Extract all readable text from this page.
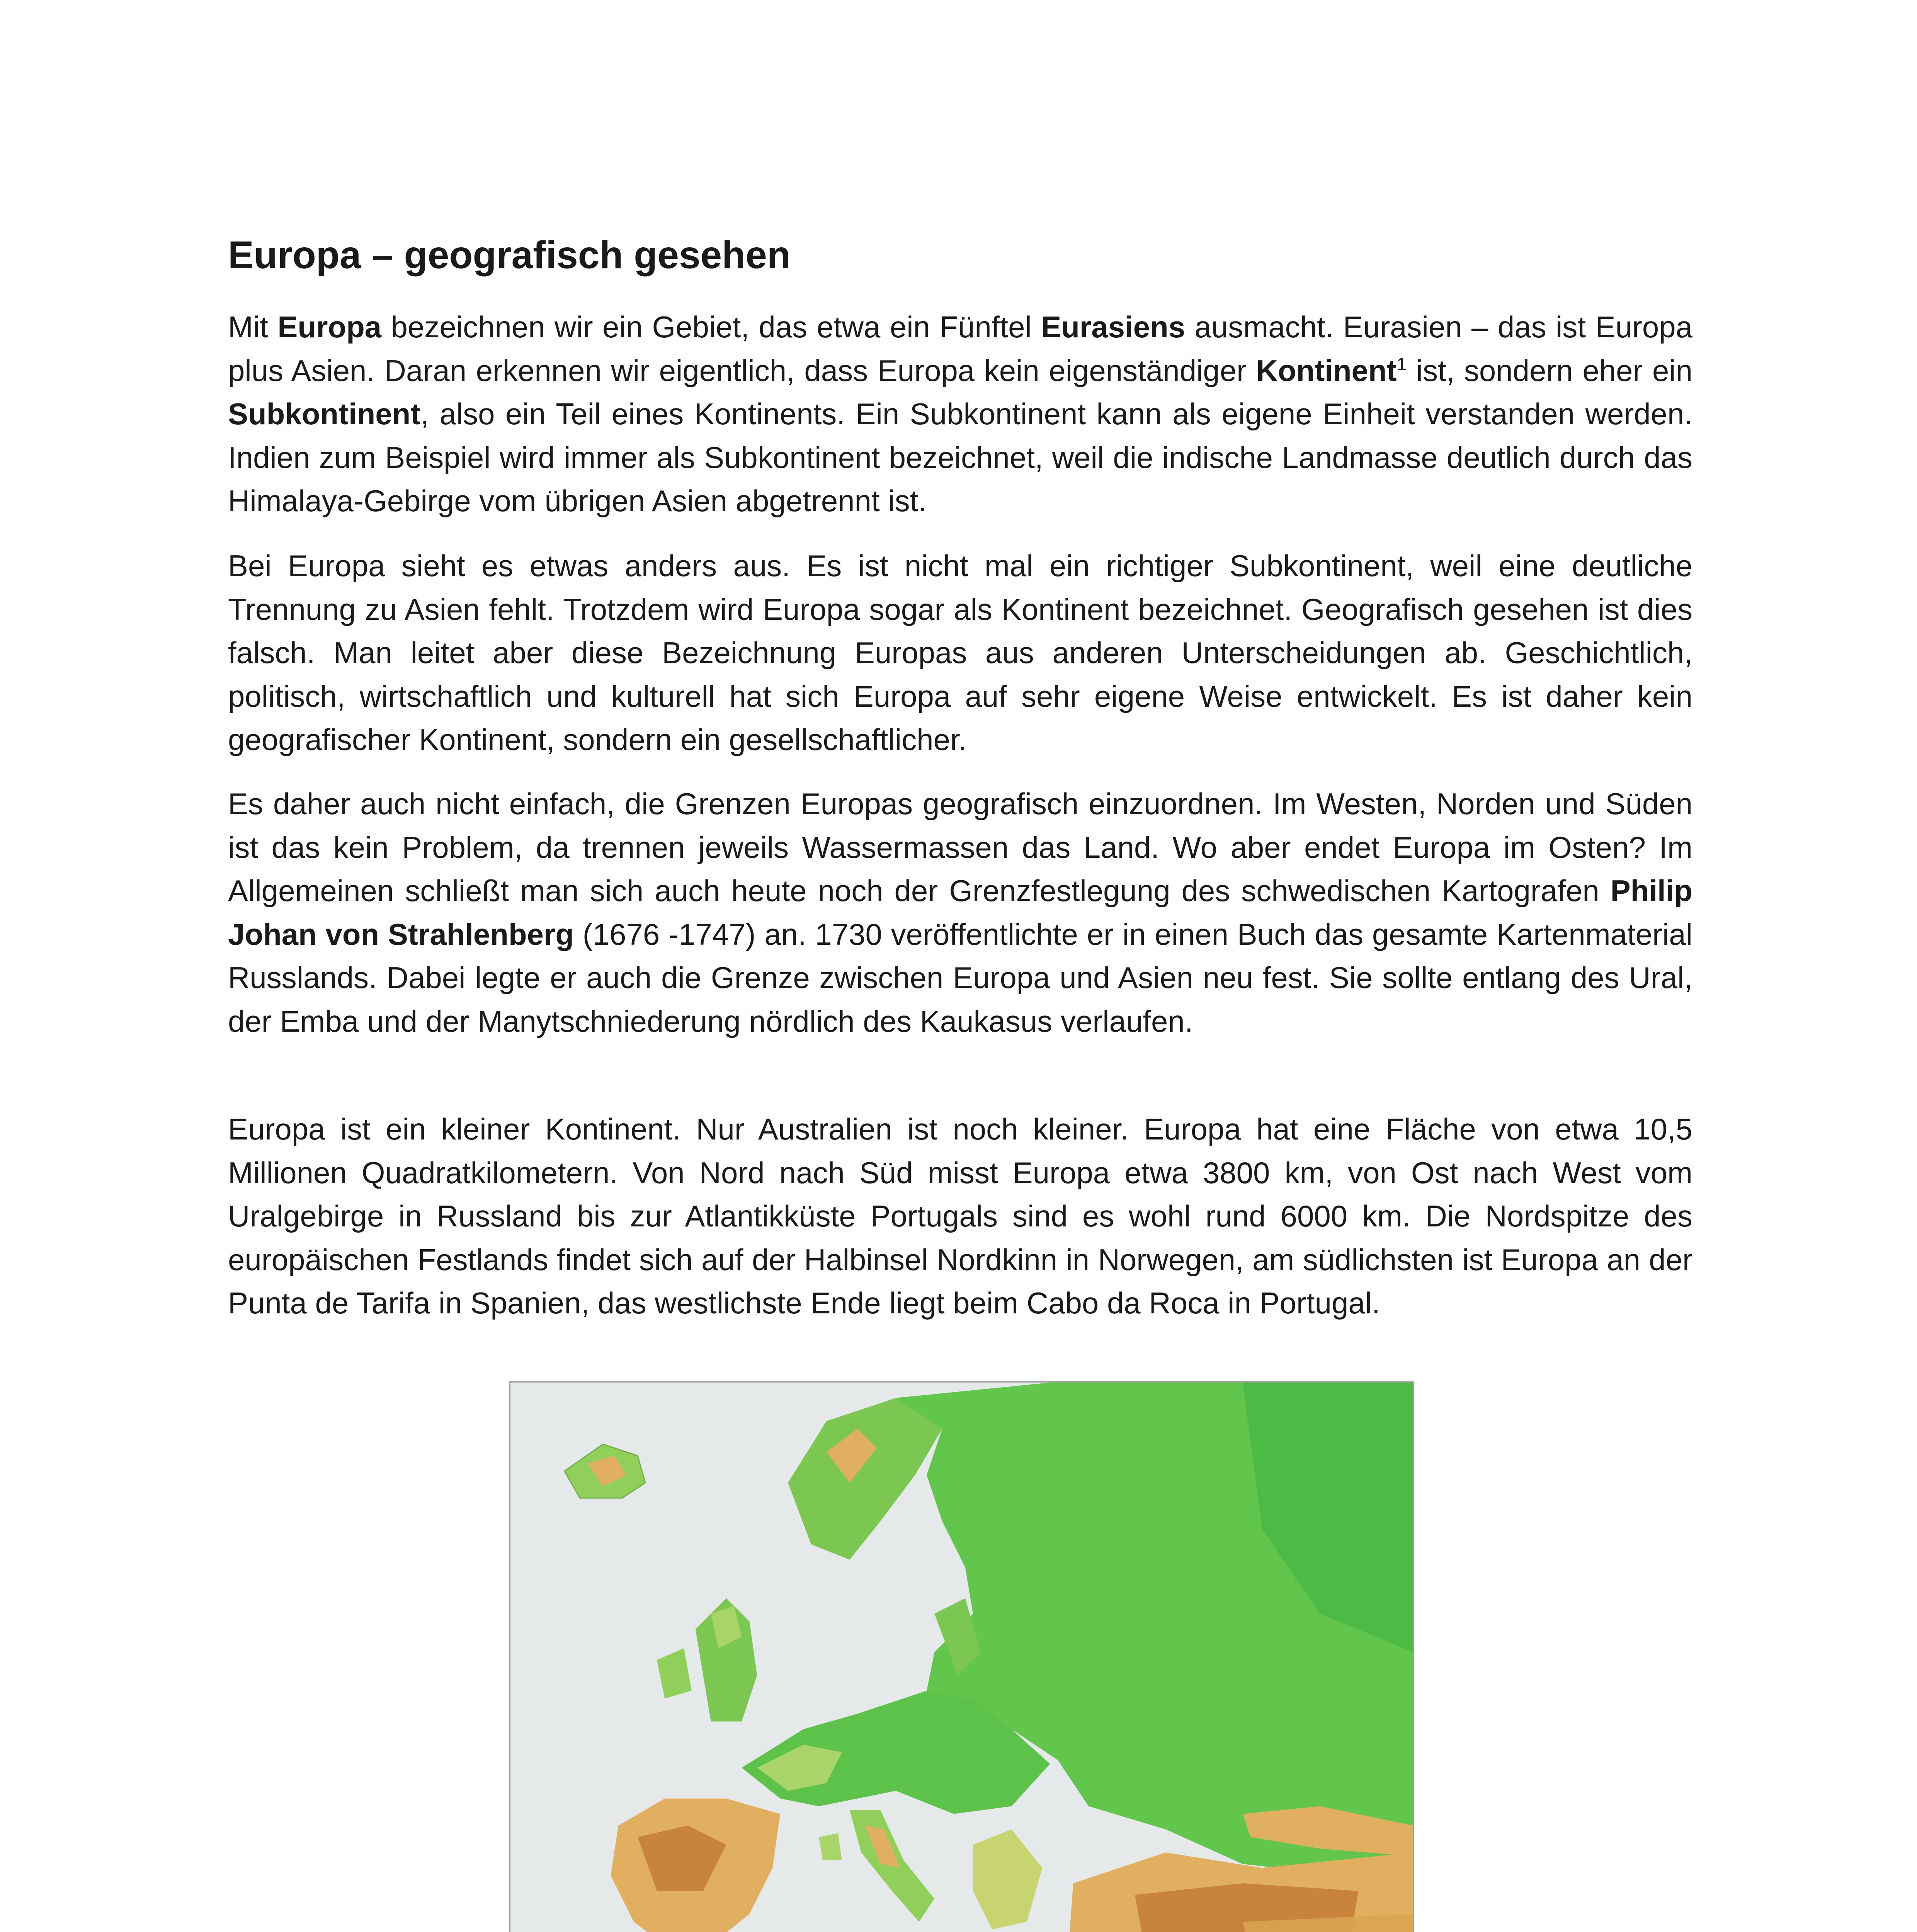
Europa – geografisch gesehen

Mit Europa bezeichnen wir ein Gebiet, das etwa ein Fünftel Eurasiens ausmacht. Eurasien – das ist Europa plus Asien. Daran erkennen wir eigentlich, dass Europa kein eigenständiger Kontinent$^1$ ist, sondern eher ein Subkontinent, also ein Teil eines Kontinents. Ein Subkontinent kann als eigene Einheit verstanden werden. Indien zum Beispiel wird immer als Subkontinent bezeichnet, weil die indische Landmasse deutlich durch das Himalaya-Gebirge vom übrigen Asien abgetrennt ist.

Bei Europa sieht es etwas anders aus. Es ist nicht mal ein richtiger Subkontinent, weil eine deutliche Trennung zu Asien fehlt. Trotzdem wird Europa sogar als Kontinent bezeichnet. Geografisch gesehen ist dies falsch. Man leitet aber diese Bezeichnung Europas aus anderen Unterscheidungen ab. Geschichtlich, politisch, wirtschaftlich und kulturell hat sich Europa auf sehr eigene Weise entwickelt. Es ist daher kein geografischer Kontinent, sondern ein gesellschaftlicher.

Es daher auch nicht einfach, die Grenzen Europas geografisch einzuordnen. Im Westen, Norden und Süden ist das kein Problem, da trennen jeweils Wassermassen das Land. Wo aber endet Europa im Osten? Im Allgemeinen schließt man sich auch heute noch der Grenzfestlegung des schwedischen Kartografen Philip Johan von Strahlenberg (1676 -1747) an. 1730 veröffentlichte er in einen Buch das gesamte Kartenmaterial Russlands. Dabei legte er auch die Grenze zwischen Europa und Asien neu fest. Sie sollte entlang des Ural, der Emba und der Manytschniederung nördlich des Kaukasus verlaufen.

Europa ist ein kleiner Kontinent. Nur Australien ist noch kleiner. Europa hat eine Fläche von etwa 10,5 Millionen Quadratkilometern. Von Nord nach Süd misst Europa etwa 3800 km, von Ost nach West vom Uralgebirge in Russland bis zur Atlantikküste Portugals sind es wohl rund 6000 km. Die Nordspitze des europäischen Festlands findet sich auf der Halbinsel Nordkinn in Norwegen, am südlichsten ist Europa an der Punta de Tarifa in Spanien, das westlichste Ende liegt beim Cabo da Roca in Portugal.
